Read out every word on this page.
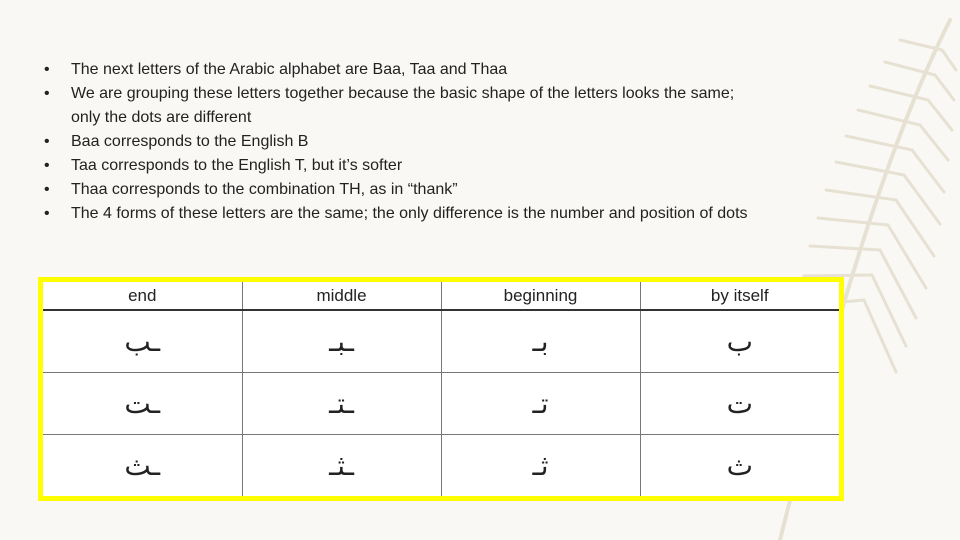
• The next letters of the Arabic alphabet are Baa, Taa and Thaa
• We are grouping these letters together because the basic shape of the letters looks the same; only the dots are different
• Baa corresponds to the English B
• Taa corresponds to the English T, but it’s softer
• Thaa corresponds to the combination TH, as in “thank”
• The 4 forms of these letters are the same; the only difference is the number and position of dots
end	middle	beginning	by itself
ـب	ـبـ	بـ	ب
ـت	ـتـ	تـ	ت
ـث	ـثـ	ثـ	ث
